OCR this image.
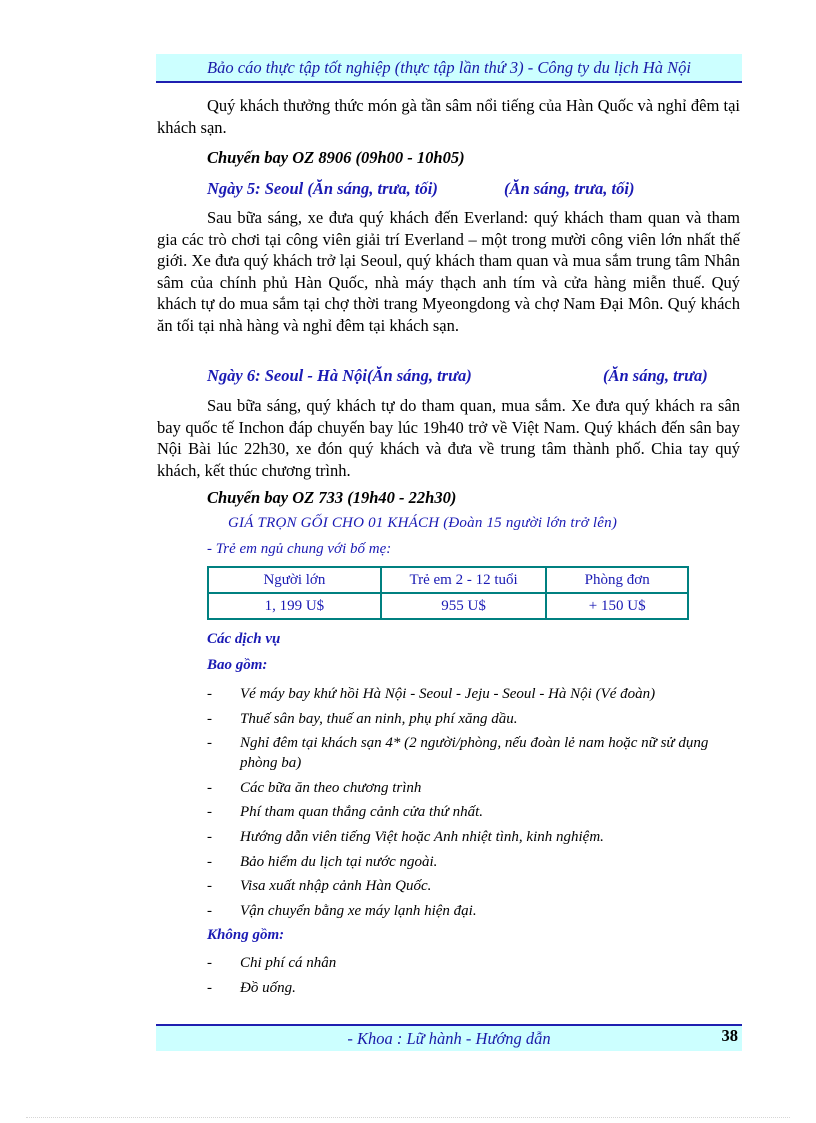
Bảo cáo thực tập tốt nghiệp (thực tập lần thứ 3) - Công ty du lịch Hà Nội

Quý khách thưởng thức món gà tần sâm nổi tiếng của Hàn Quốc và nghỉ đêm tại khách sạn.

Chuyến bay OZ 8906 (09h00 - 10h05)

Ngày 5: Seoul (Ăn sáng, trưa, tối)	(Ăn sáng, trưa, tối)

Sau bữa sáng, xe đưa quý khách đến Everland: quý khách tham quan và tham gia các trò chơi tại công viên giải trí Everland – một trong mười công viên lớn nhất thế giới. Xe đưa quý khách trở lại Seoul, quý khách tham quan và mua sắm trung tâm Nhân sâm của chính phủ Hàn Quốc, nhà máy thạch anh tím và cửa hàng miễn thuế. Quý khách tự do mua sắm tại chợ thời trang Myeongdong và chợ Nam Đại Môn. Quý khách ăn tối tại nhà hàng và nghỉ đêm tại khách sạn.

Ngày 6: Seoul - Hà Nội(Ăn sáng, trưa)	(Ăn sáng, trưa)

Sau bữa sáng, quý khách tự do tham quan, mua sắm. Xe đưa quý khách ra sân bay quốc tế Inchon đáp chuyến bay lúc 19h40 trở về Việt Nam. Quý khách đến sân bay Nội Bài lúc 22h30, xe đón quý khách và đưa về trung tâm thành phố. Chia tay quý khách, kết thúc chương trình.

Chuyến bay OZ 733 (19h40 - 22h30)

GIÁ TRỌN GỐI CHO 01 KHÁCH (Đoàn 15 người lớn trở lên)
- Trẻ em ngủ chung với bố mẹ:
Người lớn	Trẻ em 2 - 12 tuổi	Phòng đơn
1, 199 U$	955 U$	+ 150 U$
Các dịch vụ
Bao gồm:
- Vé máy bay khứ hồi Hà Nội - Seoul - Jeju - Seoul - Hà Nội (Vé đoàn)
- Thuế sân bay, thuế an ninh, phụ phí xăng dầu.
- Nghỉ đêm tại khách sạn 4* (2 người/phòng, nếu đoàn lẻ nam hoặc nữ sử dụng phòng ba)
- Các bữa ăn theo chương trình
- Phí tham quan thắng cảnh cửa thứ nhất.
- Hướng dẫn viên tiếng Việt hoặc Anh nhiệt tình, kinh nghiệm.
- Bảo hiểm du lịch tại nước ngoài.
- Visa xuất nhập cảnh Hàn Quốc.
- Vận chuyển bằng xe máy lạnh hiện đại.
Không gồm:
- Chi phí cá nhân
- Đồ uống.
- Khoa : Lữ hành - Hướng dẫn	38
